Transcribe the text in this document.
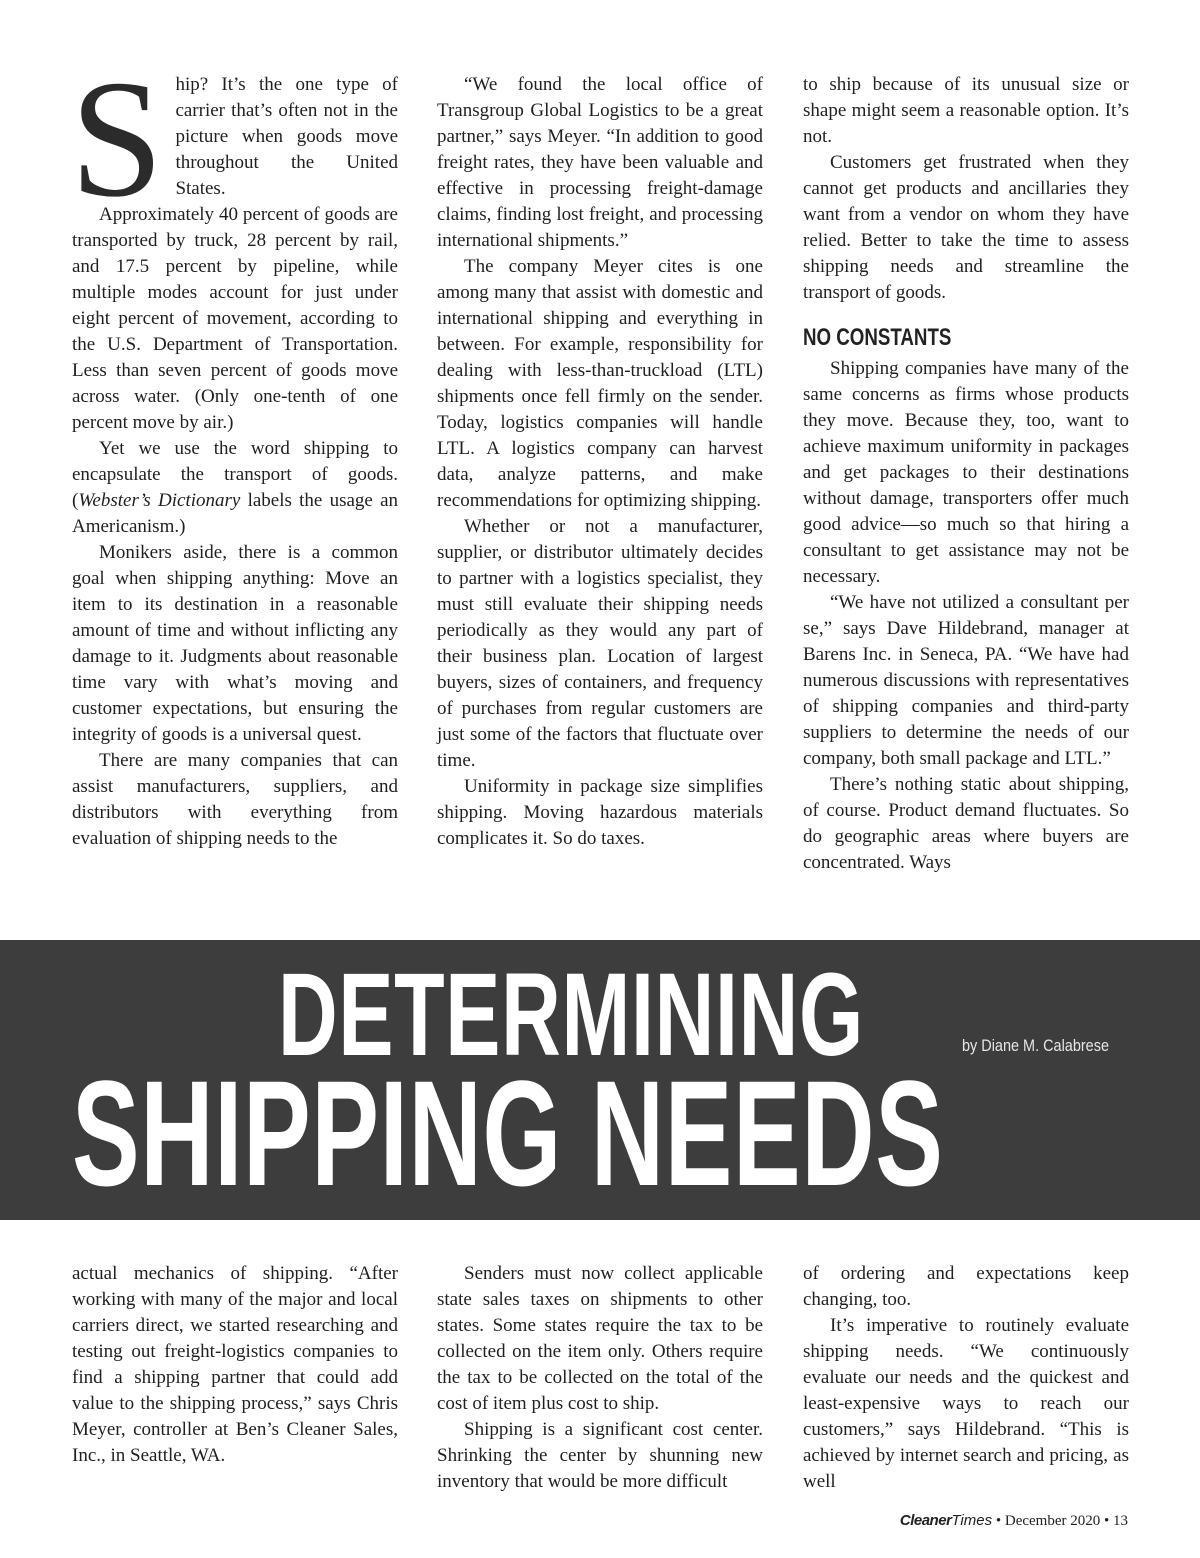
Ship? It’s the one type of carrier that’s often not in the picture when goods move throughout the United States.

Approximately 40 percent of goods are transported by truck, 28 percent by rail, and 17.5 percent by pipeline, while multiple modes account for just under eight percent of movement, according to the U.S. Department of Transportation. Less than seven percent of goods move across water. (Only one-tenth of one percent move by air.)

Yet we use the word shipping to encapsulate the transport of goods. (Webster’s Dictionary labels the usage an Americanism.)

Monikers aside, there is a common goal when shipping anything: Move an item to its destination in a reasonable amount of time and without inflicting any damage to it. Judgments about reasonable time vary with what’s moving and customer expectations, but ensuring the integrity of goods is a universal quest.

There are many companies that can assist manufacturers, suppliers, and distributors with everything from evaluation of shipping needs to the

“We found the local office of Transgroup Global Logistics to be a great partner,” says Meyer. “In addition to good freight rates, they have been valuable and effective in processing freight-damage claims, finding lost freight, and processing international shipments.”

The company Meyer cites is one among many that assist with domestic and international shipping and everything in between. For example, responsibility for dealing with less-than-truckload (LTL) shipments once fell firmly on the sender. Today, logistics companies will handle LTL. A logistics company can harvest data, analyze patterns, and make recommendations for optimizing shipping.

Whether or not a manufacturer, supplier, or distributor ultimately decides to partner with a logistics specialist, they must still evaluate their shipping needs periodically as they would any part of their business plan. Location of largest buyers, sizes of containers, and frequency of purchases from regular customers are just some of the factors that fluctuate over time.

Uniformity in package size simplifies shipping. Moving hazardous materials complicates it. So do taxes.

to ship because of its unusual size or shape might seem a reasonable option. It’s not.

Customers get frustrated when they cannot get products and ancillaries they want from a vendor on whom they have relied. Better to take the time to assess shipping needs and streamline the transport of goods.

NO CONSTANTS

Shipping companies have many of the same concerns as firms whose products they move. Because they, too, want to achieve maximum uniformity in packages and get packages to their destinations without damage, transporters offer much good advice—so much so that hiring a consultant to get assistance may not be necessary.

“We have not utilized a consultant per se,” says Dave Hildebrand, manager at Barens Inc. in Seneca, PA. “We have had numerous discussions with representatives of shipping companies and third-party suppliers to determine the needs of our company, both small package and LTL.”

There’s nothing static about shipping, of course. Product demand fluctuates. So do geographic areas where buyers are concentrated. Ways

DETERMINING
SHIPPING NEEDS
by Diane M. Calabrese

actual mechanics of shipping. “After working with many of the major and local carriers direct, we started researching and testing out freight-logistics companies to find a shipping partner that could add value to the shipping process,” says Chris Meyer, controller at Ben’s Cleaner Sales, Inc., in Seattle, WA.

Senders must now collect applicable state sales taxes on shipments to other states. Some states require the tax to be collected on the item only. Others require the tax to be collected on the total of the cost of item plus cost to ship.

Shipping is a significant cost center. Shrinking the center by shunning new inventory that would be more difficult

of ordering and expectations keep changing, too.

It’s imperative to routinely evaluate shipping needs. “We continuously evaluate our needs and the quickest and least-expensive ways to reach our customers,” says Hildebrand. “This is achieved by internet search and pricing, as well

CleanerTimes • December 2020 • 13
